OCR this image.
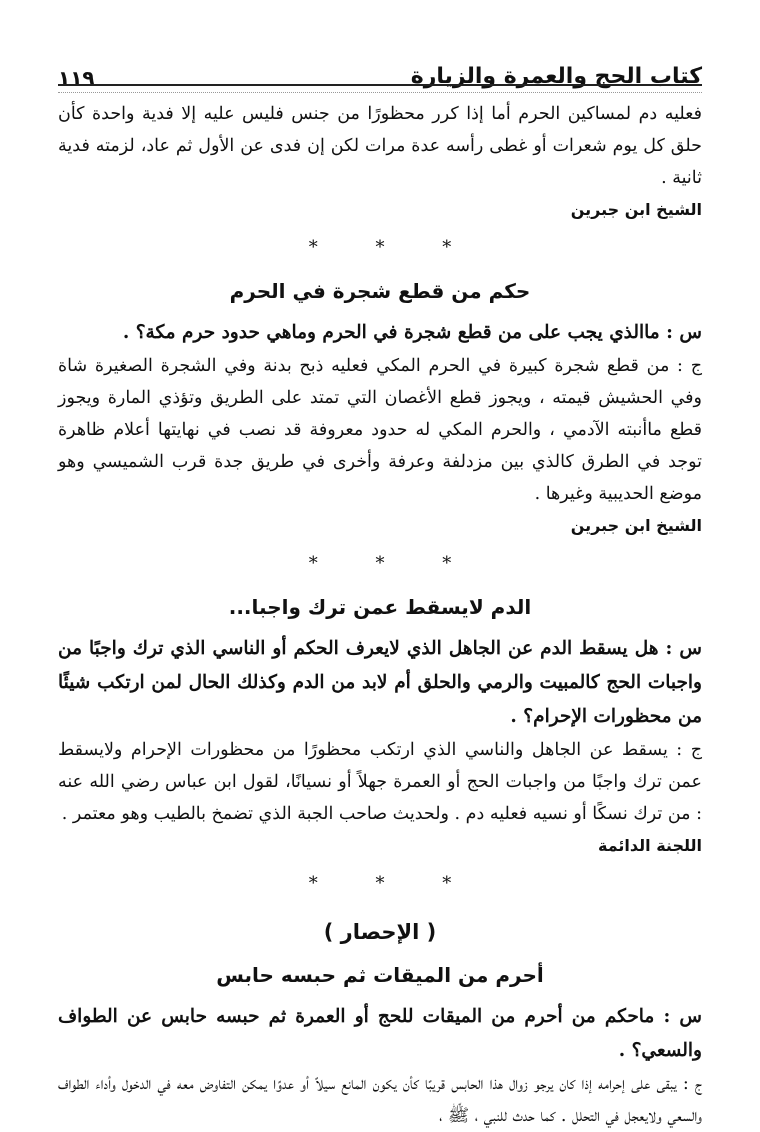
كتاب الحج والعمرة والزيارة
١١٩

فعليه دم لمساكين الحرم أما إذا كرر محظورًا من جنس فليس عليه إلا فدية واحدة كأن حلق كل يوم شعرات أو غطى رأسه عدة مرات لكن إن فدى عن الأول ثم عاد، لزمته فدية ثانية .

الشيخ ابن جبرين

* * *
حكم من قطع شجرة في الحرم

س : ماالذي يجب على من قطع شجرة في الحرم وماهي حدود حرم مكة؟ .

ج : من قطع شجرة كبيرة في الحرم المكي فعليه ذبح بدنة وفي الشجرة الصغيرة شاة وفي الحشيش قيمته ، ويجوز قطع الأغصان التي تمتد على الطريق وتؤذي المارة ويجوز قطع ماأنبته الآدمي ، والحرم المكي له حدود معروفة قد نصب في نهايتها أعلام ظاهرة توجد في الطرق كالذي بين مزدلفة وعرفة وأخرى في طريق جدة قرب الشميسي وهو موضع الحديبية وغيرها .

الشيخ ابن جبرين

* * *
الدم لايسقط عمن ترك واجبا...

س : هل يسقط الدم عن الجاهل الذي لايعرف الحكم أو الناسي الذي ترك واجبًا من واجبات الحج كالمبيت والرمي والحلق أم لابد من الدم وكذلك الحال لمن ارتكب شيئًا من محظورات الإحرام؟ .

ج : يسقط عن الجاهل والناسي الذي ارتكب محظورًا من محظورات الإحرام ولايسقط عمن ترك واجبًا من واجبات الحج أو العمرة جهلاً أو نسيانًا، لقول ابن عباس رضي الله عنه : من ترك نسكًا أو نسيه فعليه دم . ولحديث صاحب الجبة الذي تضمخ بالطيب وهو معتمر .

اللجنة الدائمة

* * *
( الإحصار )
أحرم من الميقات ثم حبسه حابس

س : ماحكم من أحرم من الميقات للحج أو العمرة ثم حبسه حابس عن الطواف والسعي؟ .

ج : يبقى على إحرامه إذا كان يرجو زوال هذا الحابس قريبًا كأن يكون المانع سيلاً أو عدوًا يمكن التفاوض معه في الدخول وأداء الطواف والسعي ولايعجل في التحلل . كما حدث للنبي ، ﷺ ،
